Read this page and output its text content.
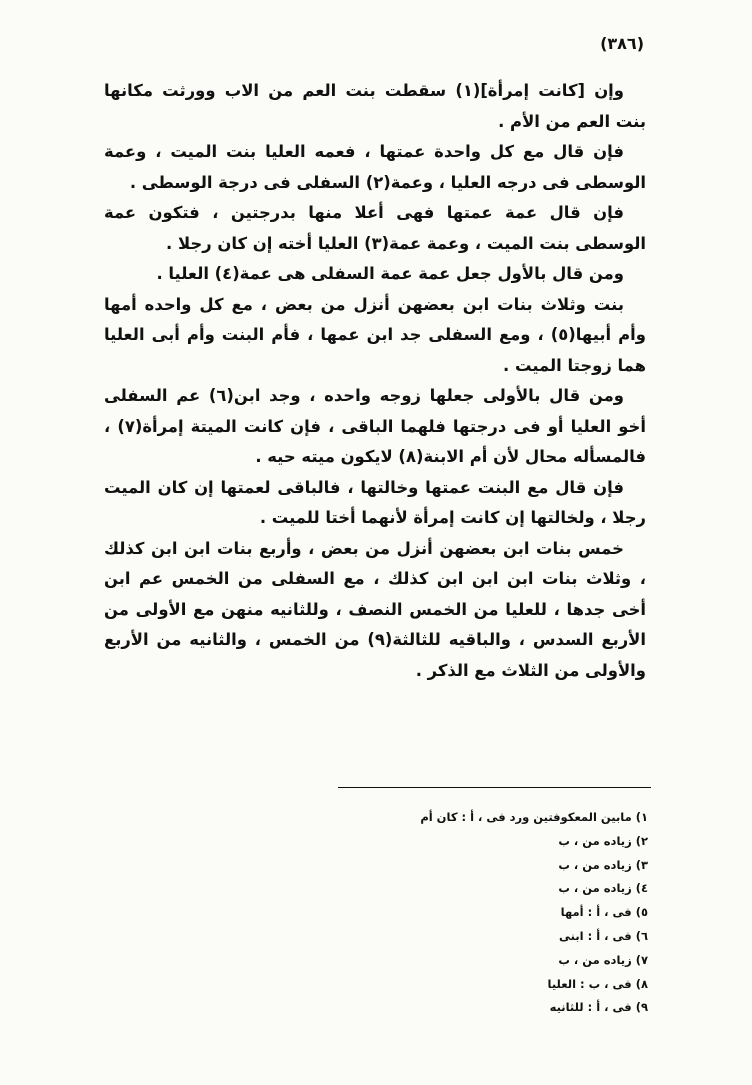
(٣٨٦)

وإن [كانت إمرأة](١) سقطت بنت العم من الاب وورثت مكانها بنت العم من الأم .

فإن قال مع كل واحدة عمتها ، فعمه العليا بنت الميت ، وعمة الوسطى فى درجه العليا ، وعمة(٢) السفلى فى درجة الوسطى .

فإن قال عمة عمتها فهى أعلا منها بدرجتين ، فتكون عمة الوسطى بنت الميت ، وعمة عمة(٣) العليا أخته إن كان رجلا .

ومن قال بالأول جعل عمة عمة السفلى هى عمة(٤) العليا .

بنت وثلاث بنات ابن بعضهن أنزل من بعض ، مع كل واحده أمها وأم أبيها(٥) ، ومع السفلى جد ابن عمها ، فأم البنت وأم أبى العليا هما زوجتا الميت .

ومن قال بالأولى جعلها زوجه واحده ، وجد ابن(٦) عم السفلى أخو العليا أو فى درجتها فلهما الباقى ، فإن كانت الميتة إمرأة(٧) ، فالمسأله محال لأن أم الابنة(٨) لايكون ميته حيه .

فإن قال مع البنت عمتها وخالتها ، فالباقى لعمتها إن كان الميت رجلا ، ولخالتها إن كانت إمرأة لأنهما أختا للميت .

خمس بنات ابن بعضهن أنزل من بعض ، وأربع بنات ابن ابن كذلك ، وثلاث بنات ابن ابن ابن كذلك ، مع السفلى من الخمس عم ابن أخى جدها ، للعليا من الخمس النصف ، وللثانيه منهن مع الأولى من الأربع السدس ، والباقيه للثالثة(٩) من الخمس ، والثانيه من الأربع والأولى من الثلاث مع الذكر .

١) مابين المعكوفتين ورد فى ، أ : كان أم

٢) زياده من ، ب

٣) زياده من ، ب

٤) زياده من ، ب

٥) فى ، أ : أمها

٦) فى ، أ : ابنى

٧) زياده من ، ب

٨) فى ، ب : العليا

٩) فى ، أ : للثانيه
